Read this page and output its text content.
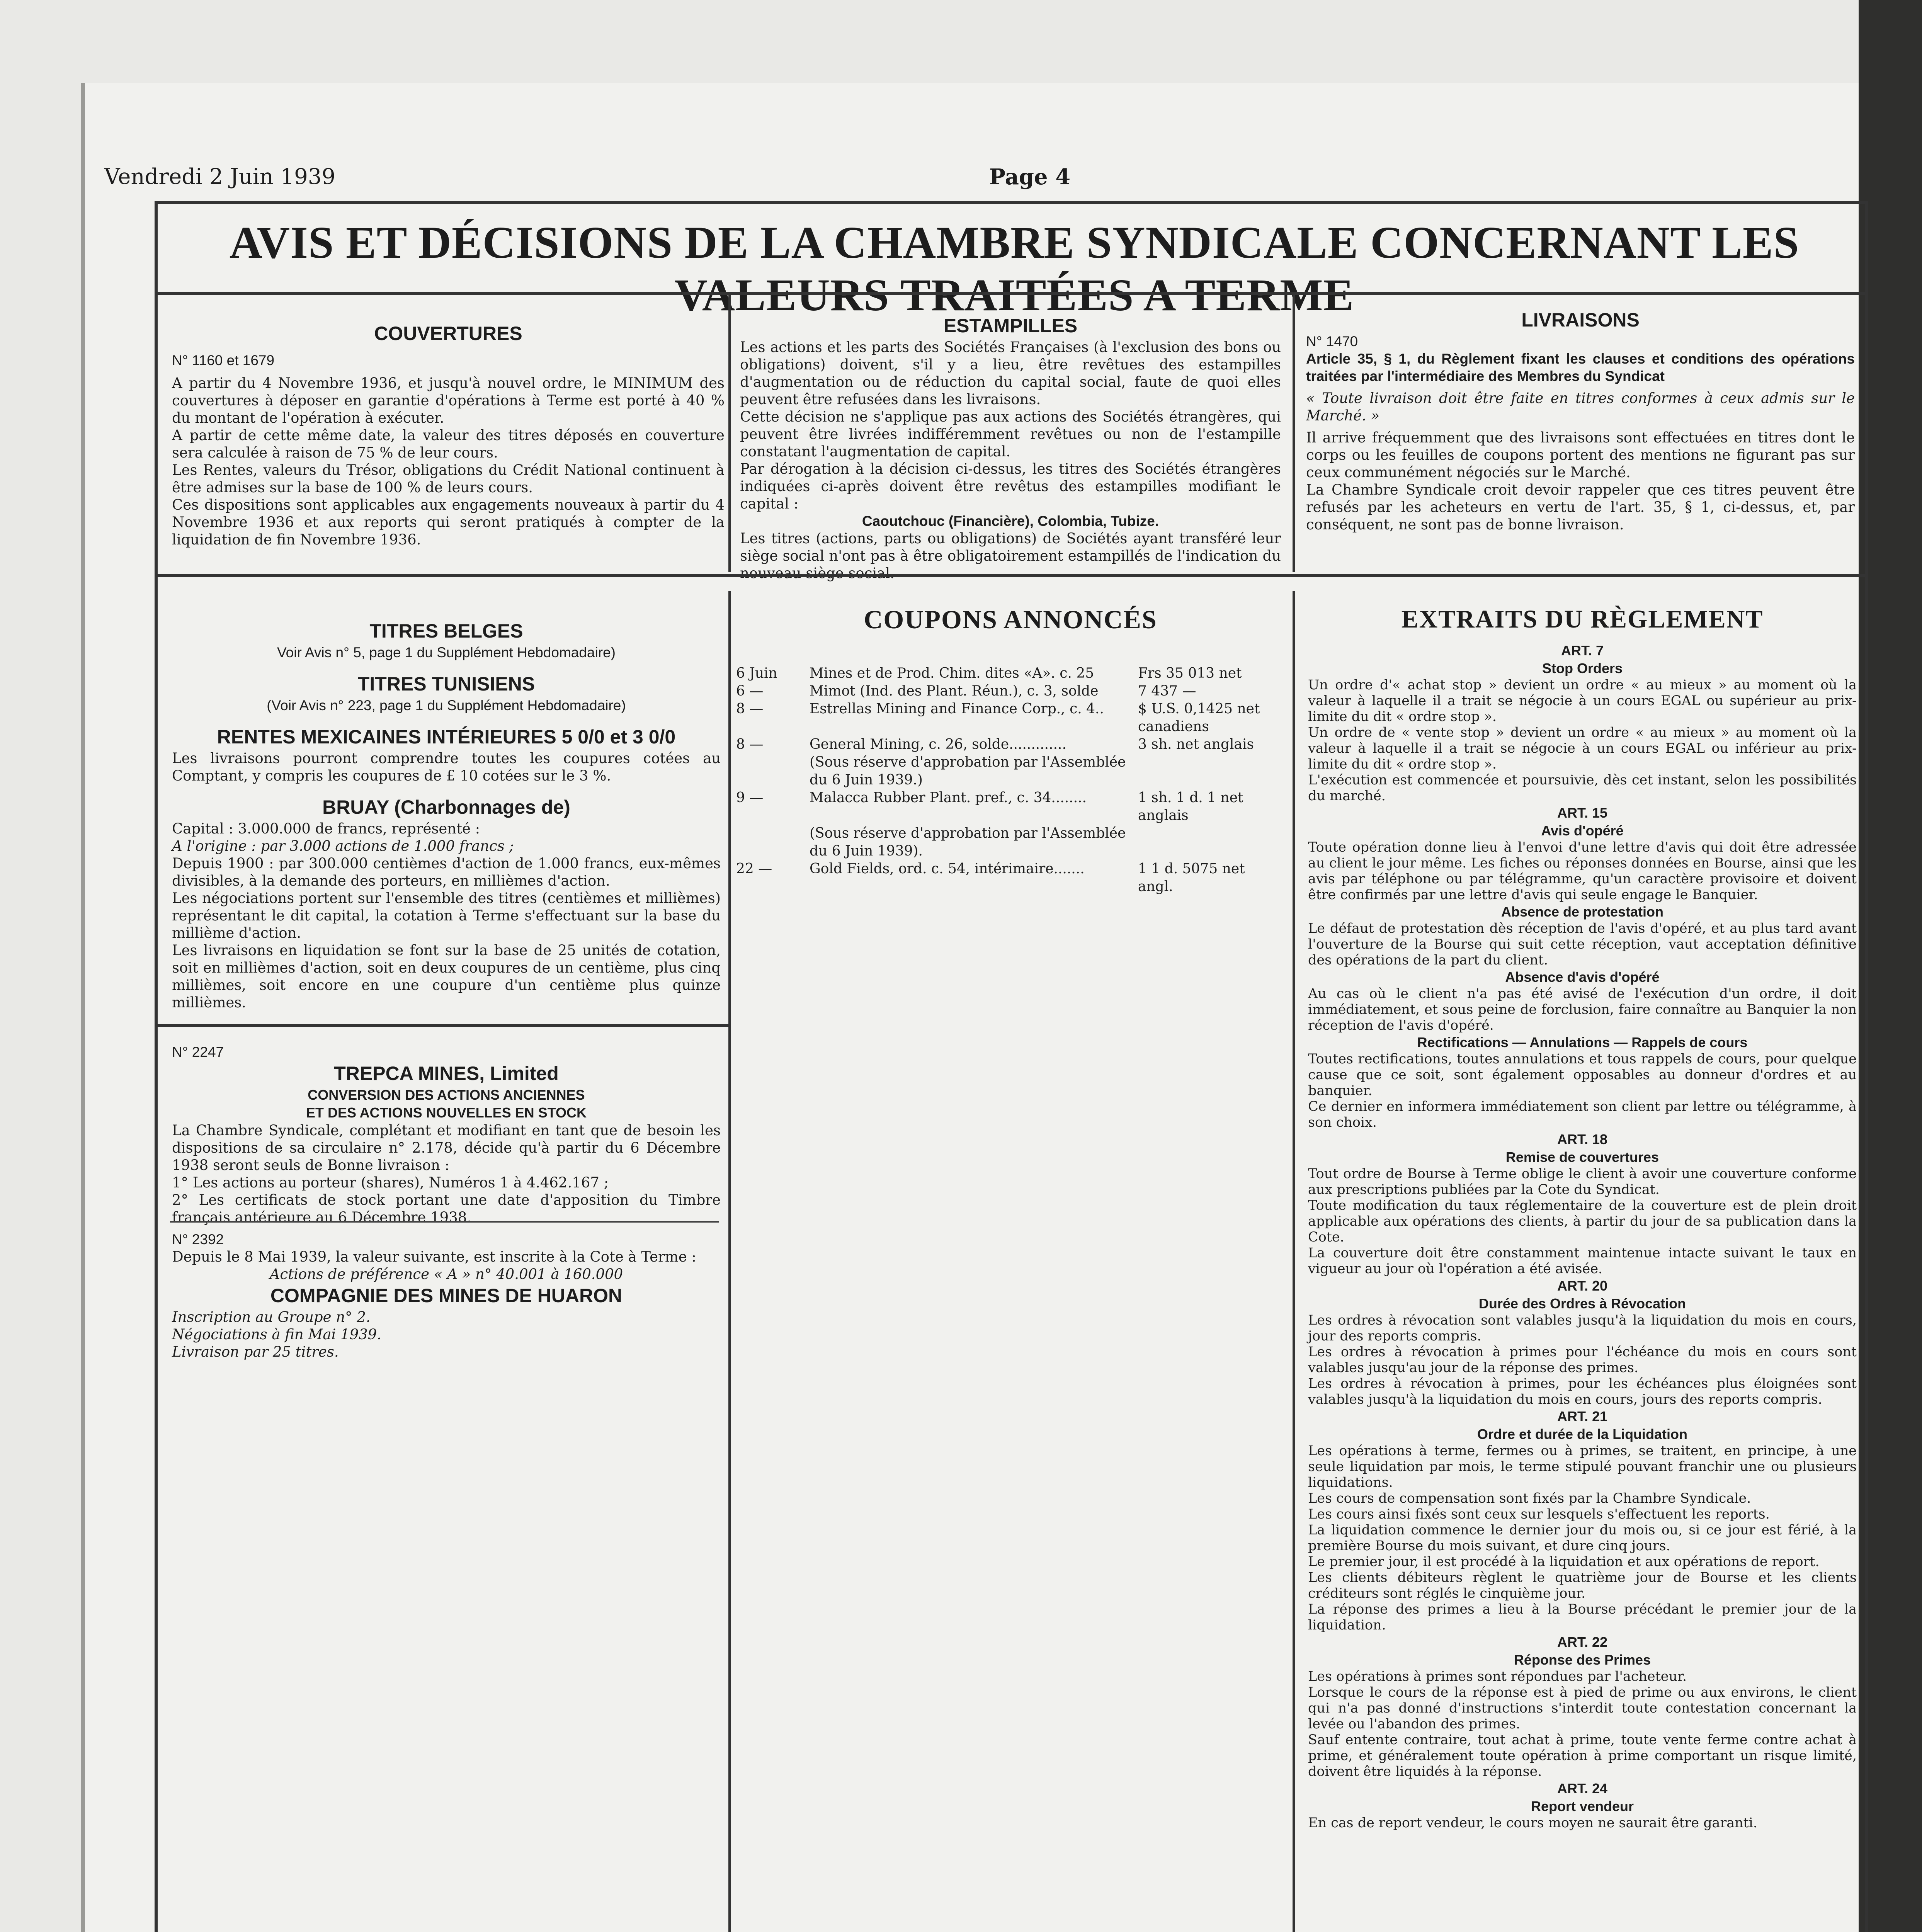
Vendredi 2 Juin 1939	Page 4
AVIS ET DÉCISIONS DE LA CHAMBRE SYNDICALE CONCERNANT LES VALEURS TRAITÉES A TERME
COUVERTURES

N° 1160 et 1679

A partir du 4 Novembre 1936, et jusqu'à nouvel ordre, le MINIMUM des couvertures à déposer en garantie d'opérations à Terme est porté à 40 % du montant de l'opération à exécuter.

A partir de cette même date, la valeur des titres déposés en couverture sera calculée à raison de 75 % de leur cours.

Les Rentes, valeurs du Trésor, obligations du Crédit National continuent à être admises sur la base de 100 % de leurs cours.

Ces dispositions sont applicables aux engagements nouveaux à partir du 4 Novembre 1936 et aux reports qui seront pratiqués à compter de la liquidation de fin Novembre 1936.

ESTAMPILLES

Les actions et les parts des Sociétés Françaises (à l'exclusion des bons ou obligations) doivent, s'il y a lieu, être revêtues des estampilles d'augmentation ou de réduction du capital social, faute de quoi elles peuvent être refusées dans les livraisons.

Cette décision ne s'applique pas aux actions des Sociétés étrangères, qui peuvent être livrées indifféremment revêtues ou non de l'estampille constatant l'augmentation de capital.

Par dérogation à la décision ci-dessus, les titres des Sociétés étrangères indiquées ci-après doivent être revêtus des estampilles modifiant le capital :

Caoutchouc (Financière), Colombia, Tubize.

Les titres (actions, parts ou obligations) de Sociétés ayant transféré leur siège social n'ont pas à être obligatoirement estampillés de l'indication du nouveau siège social.

LIVRAISONS

N° 1470

Article 35, § 1, du Règlement fixant les clauses et conditions des opérations traitées par l'intermédiaire des Membres du Syndicat

« Toute livraison doit être faite en titres conformes à ceux admis sur le Marché. »

Il arrive fréquemment que des livraisons sont effectuées en titres dont le corps ou les feuilles de coupons portent des mentions ne figurant pas sur ceux communément négociés sur le Marché.

La Chambre Syndicale croit devoir rappeler que ces titres peuvent être refusés par les acheteurs en vertu de l'art. 35, § 1, ci-dessus, et, par conséquent, ne sont pas de bonne livraison.

TITRES BELGES

Voir Avis n° 5, page 1 du Supplément Hebdomadaire)

TITRES TUNISIENS

(Voir Avis n° 223, page 1 du Supplément Hebdomadaire)

RENTES MEXICAINES INTÉRIEURES 5 0/0 et 3 0/0

Les livraisons pourront comprendre toutes les coupures cotées au Comptant, y compris les coupures de £ 10 cotées sur le 3 %.

BRUAY (Charbonnages de)

Capital : 3.000.000 de francs, représenté :

A l'origine : par 3.000 actions de 1.000 francs ;

Depuis 1900 : par 300.000 centièmes d'action de 1.000 francs, eux-mêmes divisibles, à la demande des porteurs, en millièmes d'action.

Les négociations portent sur l'ensemble des titres (centièmes et millièmes) représentant le dit capital, la cotation à Terme s'effectuant sur la base du millième d'action.

Les livraisons en liquidation se font sur la base de 25 unités de cotation, soit en millièmes d'action, soit en deux coupures de un centième, plus cinq millièmes, soit encore en une coupure d'un centième plus quinze millièmes.

N° 2247

TREPCA MINES, Limited
CONVERSION DES ACTIONS ANCIENNES
ET DES ACTIONS NOUVELLES EN STOCK

La Chambre Syndicale, complétant et modifiant en tant que de besoin les dispositions de sa circulaire n° 2.178, décide qu'à partir du 6 Décembre 1938 seront seuls de Bonne livraison :

1° Les actions au porteur (shares), Numéros 1 à 4.462.167 ;

2° Les certificats de stock portant une date d'apposition du Timbre français antérieure au 6 Décembre 1938.

N° 2392

Depuis le 8 Mai 1939, la valeur suivante, est inscrite à la Cote à Terme :

Actions de préférence « A » n° 40.001 à 160.000

COMPAGNIE DES MINES DE HUARON

Inscription au Groupe n° 2.

Négociations à fin Mai 1939.

Livraison par 25 titres.

COUPONS ANNONCÉS
6 Juin	Mines et de Prod. Chim. dites «A». c. 25	Frs 35 013 net
6 —	Mimot (Ind. des Plant. Réun.), c. 3, solde	7 437 —
8 —	Estrellas Mining and Finance Corp., c. 4..	$ U.S. 0,1425 net canadiens
8 —	General Mining, c. 26, solde.............	3 sh. net anglais
(Sous réserve d'approbation par l'Assemblée du 6 Juin 1939.)
9 —	Malacca Rubber Plant. pref., c. 34........	1 sh. 1 d. 1 net anglais
(Sous réserve d'approbation par l'Assemblée du 6 Juin 1939).
22 —	Gold Fields, ord. c. 54, intérimaire.......	1 1 d. 5075 net angl.
EXTRAITS DU RÈGLEMENT
ART. 7
Stop Orders

Un ordre d'« achat stop » devient un ordre « au mieux » au moment où la valeur à laquelle il a trait se négocie à un cours EGAL ou supérieur au prix-limite du dit « ordre stop ».

Un ordre de « vente stop » devient un ordre « au mieux » au moment où la valeur à laquelle il a trait se négocie à un cours EGAL ou inférieur au prix-limite du dit « ordre stop ».

L'exécution est commencée et poursuivie, dès cet instant, selon les possibilités du marché.

ART. 15
Avis d'opéré

Toute opération donne lieu à l'envoi d'une lettre d'avis qui doit être adressée au client le jour même. Les fiches ou réponses données en Bourse, ainsi que les avis par téléphone ou par télégramme, qu'un caractère provisoire et doivent être confirmés par une lettre d'avis qui seule engage le Banquier.

Absence de protestation

Le défaut de protestation dès réception de l'avis d'opéré, et au plus tard avant l'ouverture de la Bourse qui suit cette réception, vaut acceptation définitive des opérations de la part du client.

Absence d'avis d'opéré

Au cas où le client n'a pas été avisé de l'exécution d'un ordre, il doit immédiatement, et sous peine de forclusion, faire connaître au Banquier la non réception de l'avis d'opéré.

Rectifications — Annulations — Rappels de cours

Toutes rectifications, toutes annulations et tous rappels de cours, pour quelque cause que ce soit, sont également opposables au donneur d'ordres et au banquier.

Ce dernier en informera immédiatement son client par lettre ou télégramme, à son choix.

ART. 18
Remise de couvertures

Tout ordre de Bourse à Terme oblige le client à avoir une couverture conforme aux prescriptions publiées par la Cote du Syndicat.

Toute modification du taux réglementaire de la couverture est de plein droit applicable aux opérations des clients, à partir du jour de sa publication dans la Cote.

La couverture doit être constamment maintenue intacte suivant le taux en vigueur au jour où l'opération a été avisée.

ART. 20
Durée des Ordres à Révocation

Les ordres à révocation sont valables jusqu'à la liquidation du mois en cours, jour des reports compris.

Les ordres à révocation à primes pour l'échéance du mois en cours sont valables jusqu'au jour de la réponse des primes.

Les ordres à révocation à primes, pour les échéances plus éloignées sont valables jusqu'à la liquidation du mois en cours, jours des reports compris.

ART. 21
Ordre et durée de la Liquidation

Les opérations à terme, fermes ou à primes, se traitent, en principe, à une seule liquidation par mois, le terme stipulé pouvant franchir une ou plusieurs liquidations.

Les cours de compensation sont fixés par la Chambre Syndicale.

Les cours ainsi fixés sont ceux sur lesquels s'effectuent les reports.

La liquidation commence le dernier jour du mois ou, si ce jour est férié, à la première Bourse du mois suivant, et dure cinq jours.

Le premier jour, il est procédé à la liquidation et aux opérations de report.

Les clients débiteurs règlent le quatrième jour de Bourse et les clients créditeurs sont réglés le cinquième jour.

La réponse des primes a lieu à la Bourse précédant le premier jour de la liquidation.

ART. 22
Réponse des Primes

Les opérations à primes sont répondues par l'acheteur.

Lorsque le cours de la réponse est à pied de prime ou aux environs, le client qui n'a pas donné d'instructions s'interdit toute contestation concernant la levée ou l'abandon des primes.

Sauf entente contraire, tout achat à prime, toute vente ferme contre achat à prime, et généralement toute opération à prime comportant un risque limité, doivent être liquidés à la réponse.

ART. 24
Report vendeur

En cas de report vendeur, le cours moyen ne saurait être garanti.
